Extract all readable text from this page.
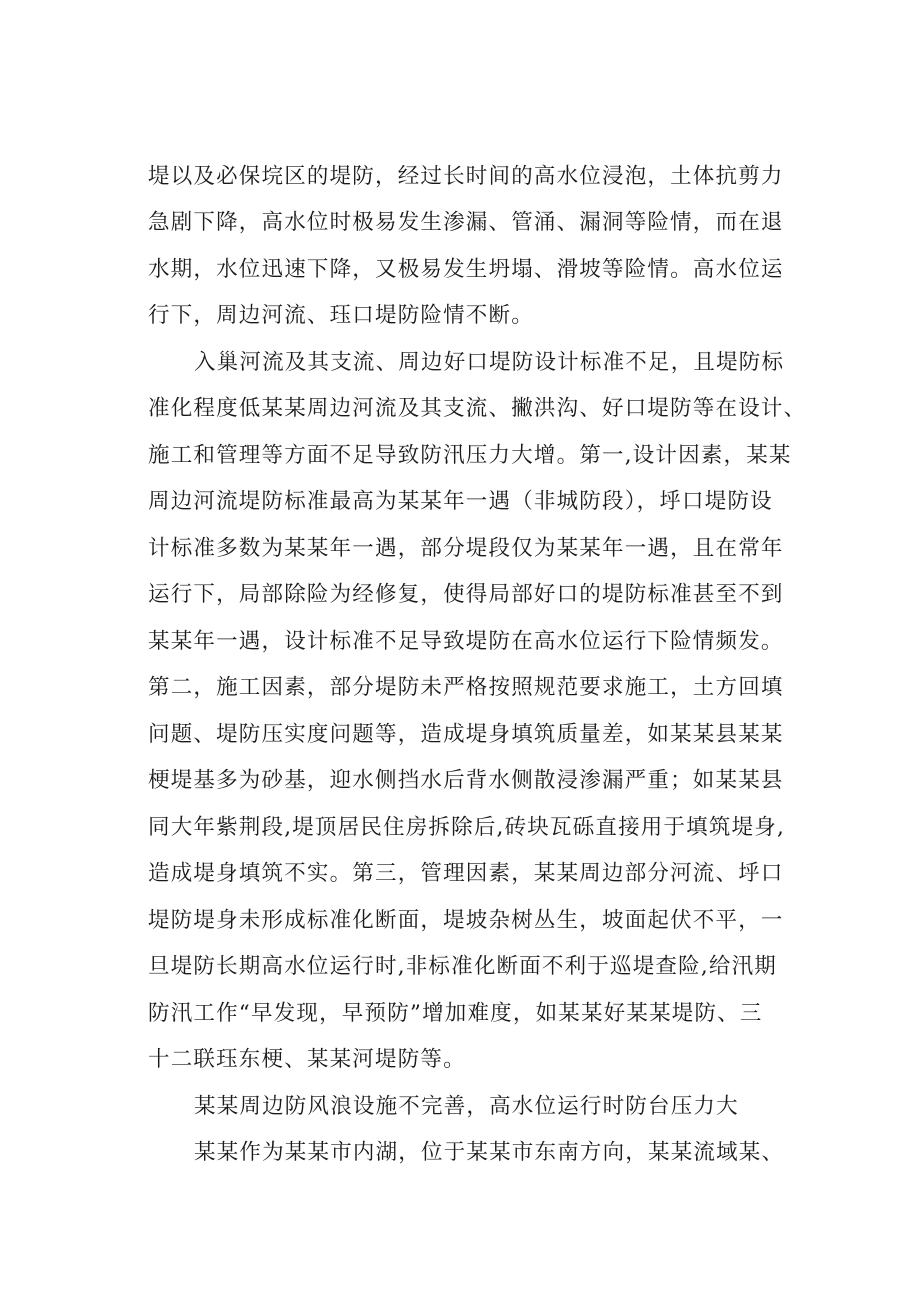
堤以及必保垸区的堤防，经过长时间的高水位浸泡，土体抗剪力
急剧下降，高水位时极易发生渗漏、管涌、漏洞等险情，而在退
水期，水位迅速下降，又极易发生坍塌、滑坡等险情。高水位运
行下，周边河流、珏口堤防险情不断。
入巢河流及其支流、周边好口堤防设计标准不足，且堤防标
准化程度低某某周边河流及其支流、撇洪沟、好口堤防等在设计、
施工和管理等方面不足导致防汛压力大增。第一,设计因素，某某
周边河流堤防标准最高为某某年一遇（非城防段），垀口堤防设
计标准多数为某某年一遇，部分堤段仅为某某年一遇，且在常年
运行下，局部除险为经修复，使得局部好口的堤防标准甚至不到
某某年一遇，设计标准不足导致堤防在高水位运行下险情频发。
第二，施工因素，部分堤防未严格按照规范要求施工，土方回填
问题、堤防压实度问题等，造成堤身填筑质量差，如某某县某某
梗堤基多为砂基，迎水侧挡水后背水侧散浸渗漏严重；如某某县
同大年紫荆段,堤顶居民住房拆除后,砖块瓦砾直接用于填筑堤身,
造成堤身填筑不实。第三，管理因素，某某周边部分河流、垀口
堤防堤身未形成标准化断面，堤坡杂树丛生，坡面起伏不平，一
旦堤防长期高水位运行时,非标准化断面不利于巡堤查险,给汛期
防汛工作“早发现，早预防”增加难度，如某某好某某堤防、三
十二联珏东梗、某某河堤防等。
某某周边防风浪设施不完善，高水位运行时防台压力大
某某作为某某市内湖，位于某某市东南方向，某某流域某、
